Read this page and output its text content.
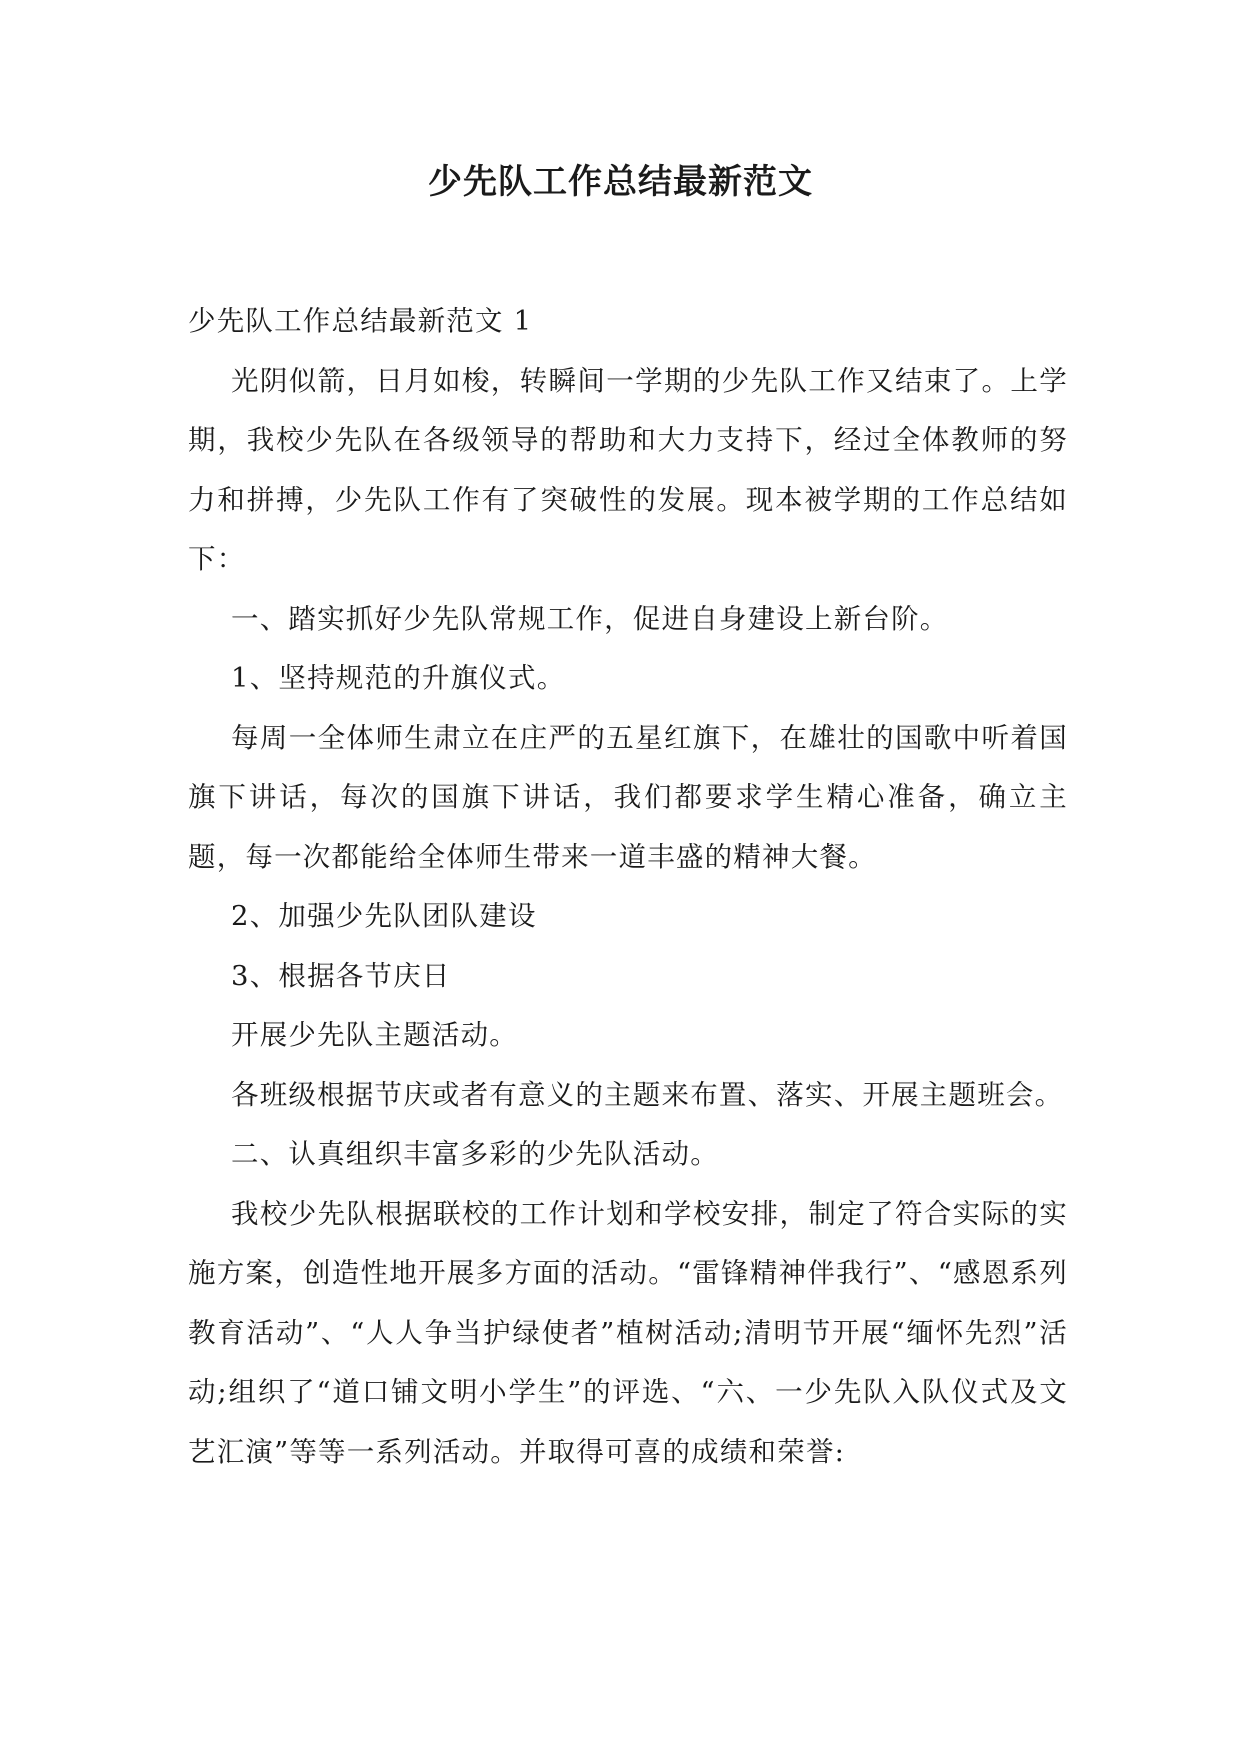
少先队工作总结最新范文

少先队工作总结最新范文 1

光阴似箭，日月如梭，转瞬间一学期的少先队工作又结束了。上学期，我校少先队在各级领导的帮助和大力支持下，经过全体教师的努力和拼搏，少先队工作有了突破性的发展。现本被学期的工作总结如下：

一、踏实抓好少先队常规工作，促进自身建设上新台阶。

1、坚持规范的升旗仪式。

每周一全体师生肃立在庄严的五星红旗下，在雄壮的国歌中听着国旗下讲话，每次的国旗下讲话，我们都要求学生精心准备，确立主题，每一次都能给全体师生带来一道丰盛的精神大餐。

2、加强少先队团队建设

3、根据各节庆日

开展少先队主题活动。

各班级根据节庆或者有意义的主题来布置、落实、开展主题班会。

二、认真组织丰富多彩的少先队活动。

我校少先队根据联校的工作计划和学校安排，制定了符合实际的实施方案，创造性地开展多方面的活动。“雷锋精神伴我行”、“感恩系列教育活动”、“人人争当护绿使者”植树活动;清明节开展“缅怀先烈”活动;组织了“道口铺文明小学生”的评选、“六、一少先队入队仪式及文艺汇演”等等一系列活动。并取得可喜的成绩和荣誉:
